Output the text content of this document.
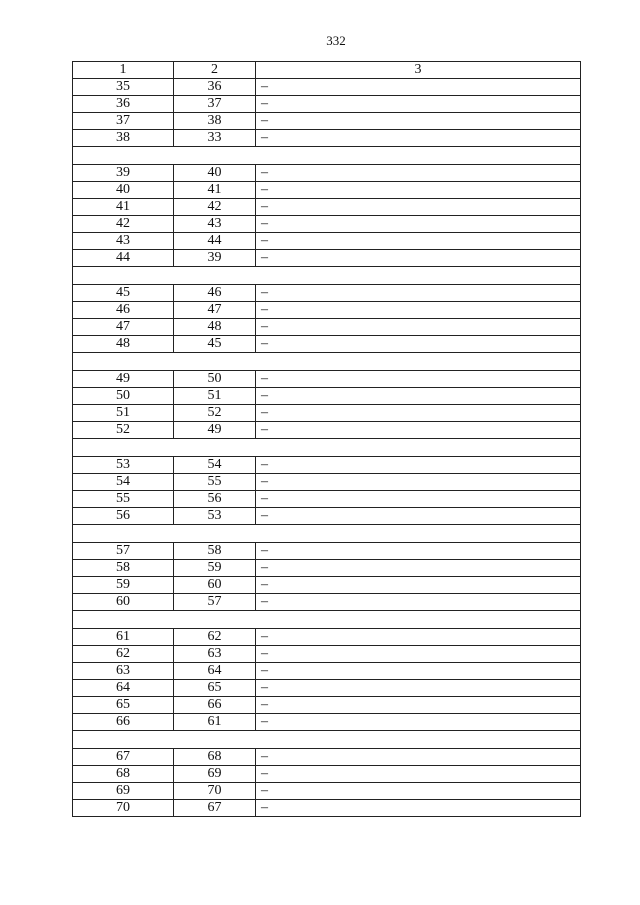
332
1	2	3
35	36	–
36	37	–
37	38	–
38	33	–

39	40	–
40	41	–
41	42	–
42	43	–
43	44	–
44	39	–

45	46	–
46	47	–
47	48	–
48	45	–

49	50	–
50	51	–
51	52	–
52	49	–

53	54	–
54	55	–
55	56	–
56	53	–

57	58	–
58	59	–
59	60	–
60	57	–

61	62	–
62	63	–
63	64	–
64	65	–
65	66	–
66	61	–

67	68	–
68	69	–
69	70	–
70	67	–
